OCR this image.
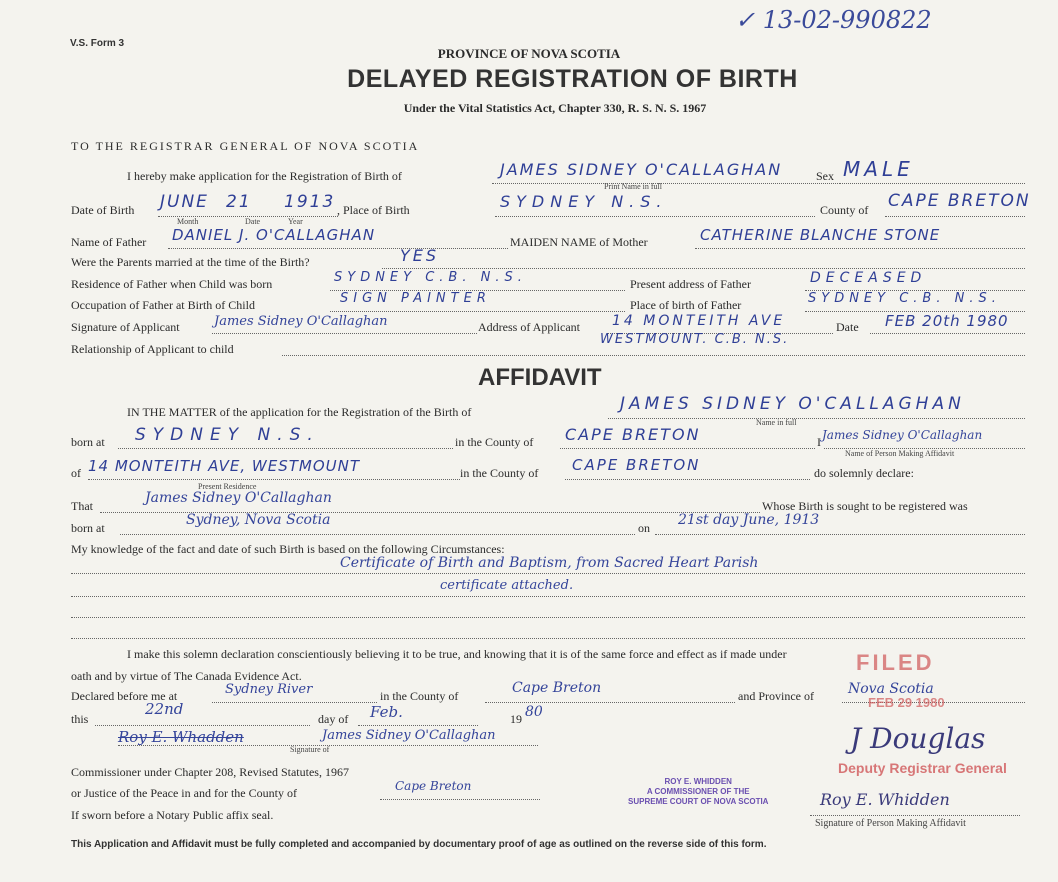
V.S. Form 3
✓ 13-02-990822
PROVINCE OF NOVA SCOTIA
DELAYED REGISTRATION OF BIRTH
Under the Vital Statistics Act, Chapter 330, R. S. N. S. 1967
TO THE REGISTRAR GENERAL OF NOVA SCOTIA
I hereby make application for the Registration of Birth of	JAMES SIDNEY O'CALLAGHAN	Sex MALE
Print Name in full
Date of Birth JUNE 21 1913
Month	Date	Year
, Place of Birth	SYDNEY N.S.	County of CAPE BRETON
Name of Father DANIEL J. O'CALLAGHAN	MAIDEN NAME of Mother	CATHERINE BLANCHE STONE
Were the Parents married at the time of the Birth?	YES
Residence of Father when Child was born	SYDNEY C.B. N.S.	Present address of Father	DECEASED
Occupation of Father at Birth of Child	SIGN PAINTER	Place of birth of Father	SYDNEY C.B. N.S.
Signature of Applicant	James Sidney O'Callaghan	Address of Applicant 14 MONTEITH AVE	Date FEB 20th 1980
Relationship of Applicant to child
WESTMOUNT. C.B. N.S.
AFFIDAVIT
IN THE MATTER of the application for the Registration of the Birth of	JAMES SIDNEY O'CALLAGHAN
Name in full
born at SYDNEY N.S.	in the County of CAPE BRETON	I James Sidney O'Callaghan
Name of Person Making Affidavit
of 14 MONTEITH AVE, WESTMOUNT
Present Residence
in the County of CAPE BRETON	do solemnly declare:
That	James Sidney O'Callaghan	Whose Birth is sought to be registered was
born at	Sydney, Nova Scotia	on 21st day June, 1913
My knowledge of the fact and date of such Birth is based on the following Circumstances:
Certificate of Birth and Baptism, from Sacred Heart Parish
certificate attached.
I make this solemn declaration conscientiously believing it to be true, and knowing that it is of the same force and effect as if made under
oath and by virtue of The Canada Evidence Act.
Declared before me at	Sydney River	in the County of	Cape Breton	and Province of Nova Scotia
this
22nd
day of Feb.	19 80
Roy E. Whadden	James Sidney O'Callaghan
Signature of
Commissioner under Chapter 208, Revised Statutes, 1967
or Justice of the Peace in and for the County of	Cape Breton
If sworn before a Notary Public affix seal.
ROY E. WHIDDEN
A COMMISSIONER OF THE
SUPREME COURT OF NOVA SCOTIA
FILED
FEB 29 1980
J Douglas
Deputy Registrar General
Roy E. Whidden
Signature of Person Making Affidavit
This Application and Affidavit must be fully completed and accompanied by documentary proof of age as outlined on the reverse side of this form.
